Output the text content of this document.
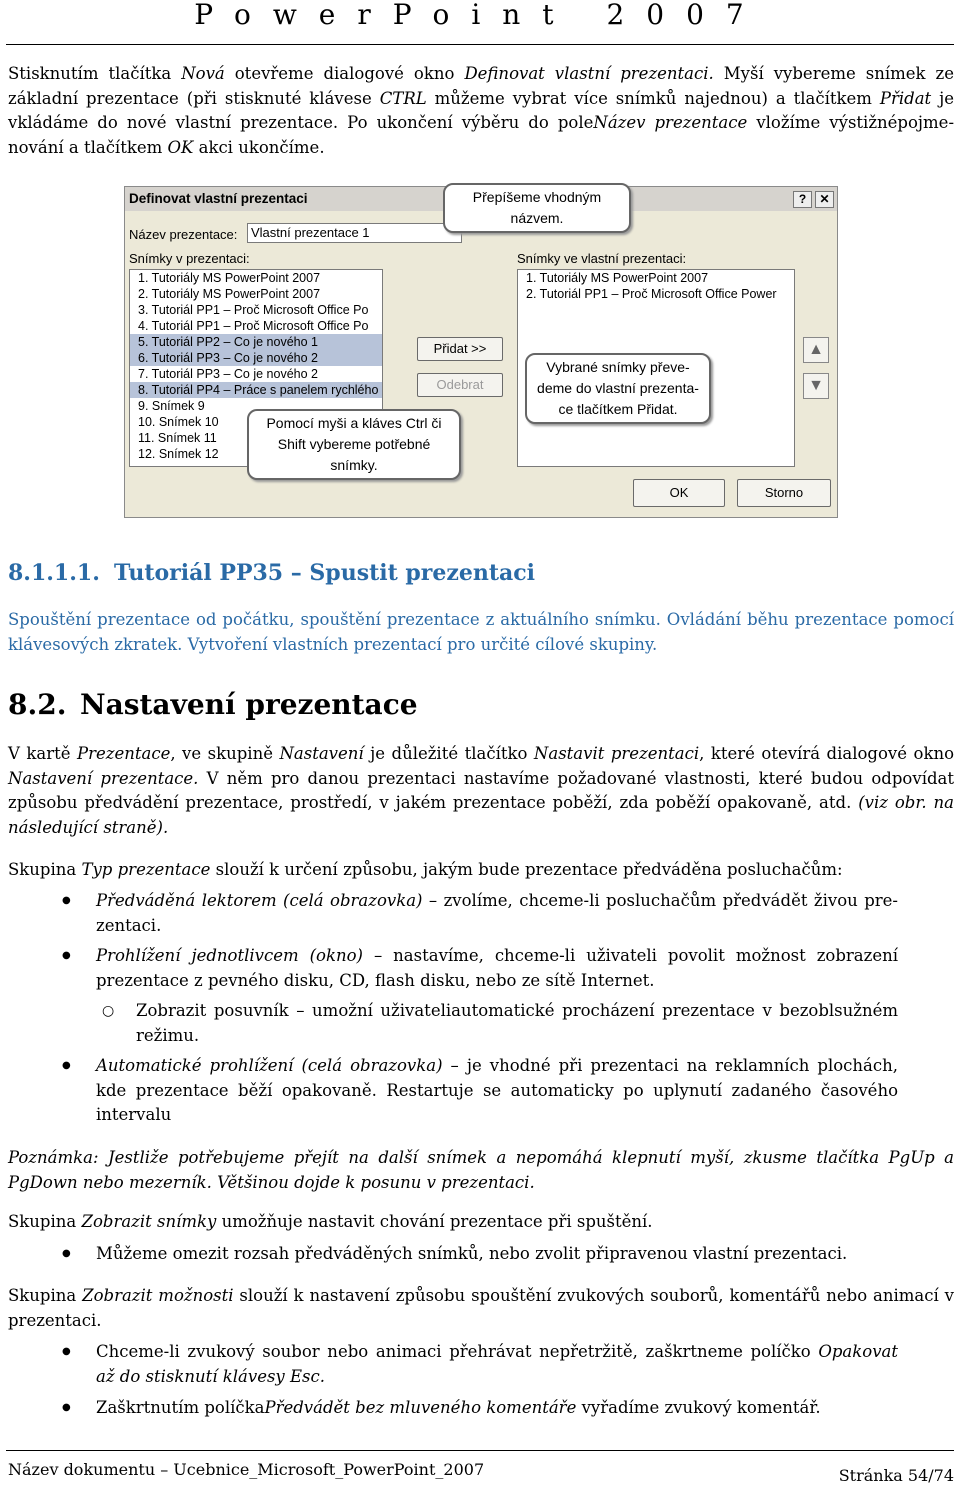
PowerPoint 2007

Stisknutím tlačítka Nová otevřeme dialogové okno Definovat vlastní prezentaci. Myší vybereme snímek ze základní prezentace (při stisknuté klávese CTRL můžeme vybrat více snímků najednou) a tlačítkem Přidat je vkládáme do nové vlastní prezentace. Po ukončení výběru do poleNázev prezentace vložíme výstižnépojmenování a tlačítkem OK akci ukončíme.

Definovat vlastní prezentaci	?	✕
Název prezentace:	Vlastní prezentace 1
Snímky v prezentaci:
1. Tutoriály MS PowerPoint 2007
2. Tutoriály MS PowerPoint 2007
3. Tutoriál PP1 – Proč Microsoft Office Po
4. Tutoriál PP1 – Proč Microsoft Office Po
5. Tutoriál PP2 – Co je nového 1
6. Tutoriál PP3 – Co je nového 2
7. Tutoriál PP3 – Co je nového 2
8. Tutoriál PP4 – Práce s panelem rychlého
9. Snímek 9
10. Snímek 10
11. Snímek 11
12. Snímek 12
Snímky ve vlastní prezentaci:
1. Tutoriály MS PowerPoint 2007
2. Tutoriál PP1 – Proč Microsoft Office Power
Přidat >>
Odebrat
▲
▼
OK	Storno
Přepíšeme vhodným názvem.
Vybrané snímky převedeme do vlastní prezentace tlačítkem Přidat.
Pomocí myši a kláves Ctrl či Shift vybereme potřebné snímky.
8.1.1.1. Tutoriál PP35 – Spustit prezentaci

Spouštění prezentace od počátku, spouštění prezentace z aktuálního snímku. Ovládání běhu prezentace pomocí klávesových zkratek. Vytvoření vlastních prezentací pro určité cílové skupiny.

8.2. Nastavení prezentace

V kartě Prezentace, ve skupině Nastavení je důležité tlačítko Nastavit prezentaci, které otevírá dialogové okno Nastavení prezentace. V něm pro danou prezentaci nastavíme požadované vlastnosti, které budou odpovídat způsobu předvádění prezentace, prostředí, v jakém prezentace poběží, zda poběží opakovaně, atd. (viz obr. na následující straně).

Skupina Typ prezentace slouží k určení způsobu, jakým bude prezentace předváděna posluchačům:

● Předváděná lektorem (celá obrazovka) – zvolíme, chceme-li posluchačům předvádět živou prezentaci.

● Prohlížení jednotlivcem (okno) – nastavíme, chceme-li uživateli povolit možnost zobrazení prezentace z pevného disku, CD, flash disku, nebo ze sítě Internet.

○ Zobrazit posuvník – umožní uživateliautomatické procházení prezentace v bezoblsužném režimu.

● Automatické prohlížení (celá obrazovka) – je vhodné při prezentaci na reklamních plochách, kde prezentace běží opakovaně. Restartuje se automaticky po uplynutí zadaného časového intervalu

Poznámka: Jestliže potřebujeme přejít na další snímek a nepomáhá klepnutí myší, zkusme tlačítka PgUp a PgDown nebo mezerník. Většinou dojde k posunu v prezentaci.

Skupina Zobrazit snímky umožňuje nastavit chování prezentace při spuštění.

● Můžeme omezit rozsah předváděných snímků, nebo zvolit připravenou vlastní prezentaci.

Skupina Zobrazit možnosti slouží k nastavení způsobu spouštění zvukových souborů, komentářů nebo animací v prezentaci.

● Chceme-li zvukový soubor nebo animaci přehrávat nepřetržitě, zaškrtneme políčko Opakovat až do stisknutí klávesy Esc.

● Zaškrtnutím políčkaPředvádět bez mluveného komentáře vyřadíme zvukový komentář.

Název dokumentu – Ucebnice_Microsoft_PowerPoint_2007	Stránka 54/74
